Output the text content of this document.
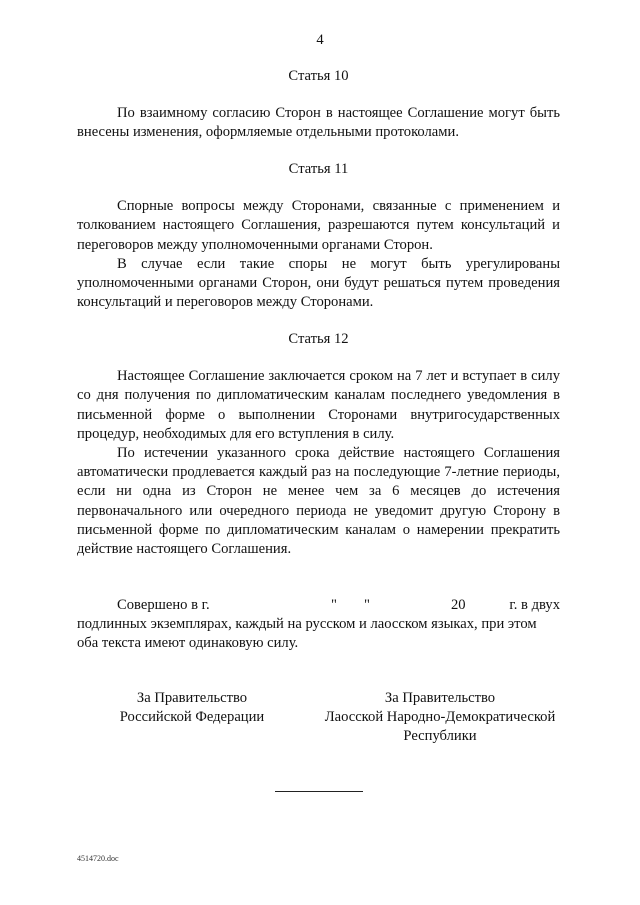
4
Статья 10

По взаимному согласию Сторон в настоящее Соглашение могут быть внесены изменения, оформляемые отдельными протоколами.

Статья 11

Спорные вопросы между Сторонами, связанные с применением и толкованием настоящего Соглашения, разрешаются путем консультаций и переговоров между уполномоченными органами Сторон.

В случае если такие споры не могут быть урегулированы уполномоченными органами Сторон, они будут решаться путем проведения консультаций и переговоров между Сторонами.

Статья 12

Настоящее Соглашение заключается сроком на 7 лет и вступает в силу со дня получения по дипломатическим каналам последнего уведомления в письменной форме о выполнении Сторонами внутригосударственных процедур, необходимых для его вступления в силу.

По истечении указанного срока действие настоящего Соглашения автоматически продлевается каждый раз на последующие 7-летние периоды, если ни одна из Сторон не менее чем за 6 месяцев до истечения первоначального или очередного периода не уведомит другую Сторону в письменной форме по дипломатическим каналам о намерении прекратить действие настоящего Соглашения.

Совершено в г.	" "	20	г. в двух

подлинных экземплярах, каждый на русском и лаосском языках, при этом оба текста имеют одинаковую силу.

За Правительство
Российской Федерации
За Правительство
Лаосской Народно-Демократической
Республики
4514720.doc
